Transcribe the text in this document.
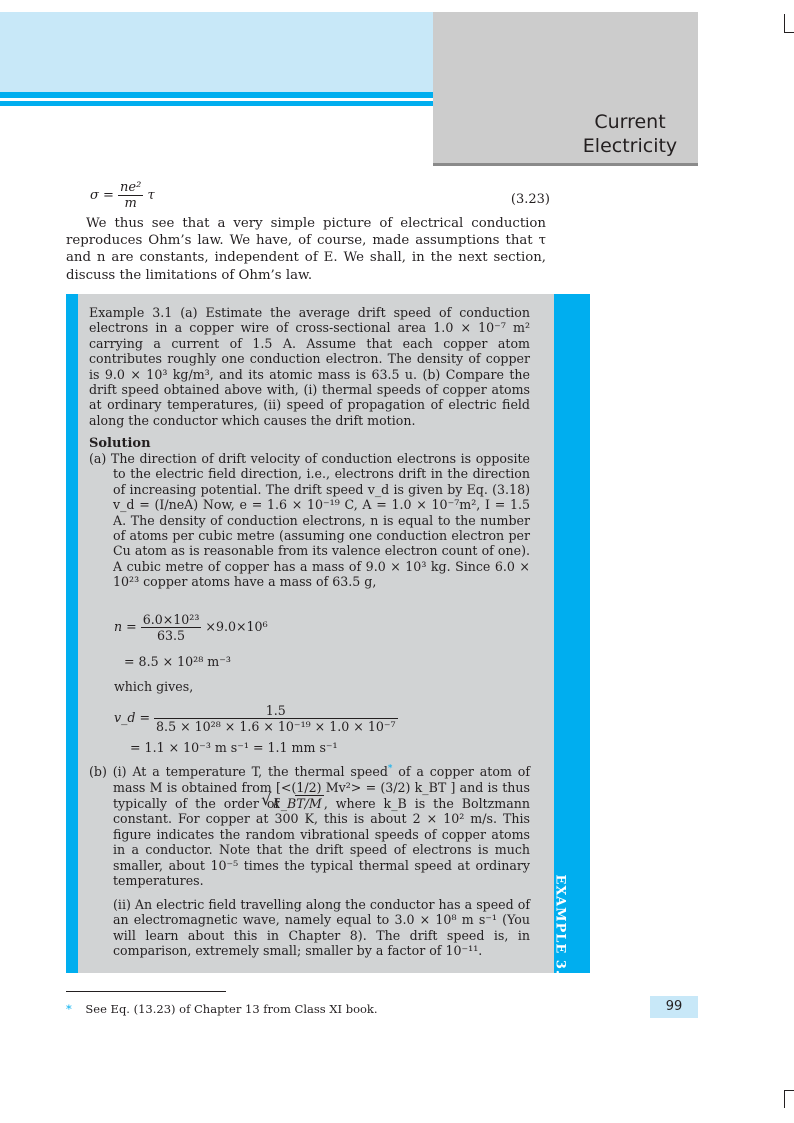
Current
Electricity
$\sigma = \frac{\text{ne²}}{m}$ τ	(3.23)

We thus see that a very simple picture of electrical conduction reproduces Ohm’s law. We have, of course, made assumptions that τ and n are constants, independent of E. We shall, in the next section, discuss the limitations of Ohm’s law.

EXAMPLE 3.1

Example 3.1 (a) Estimate the average drift speed of conduction electrons in a copper wire of cross-sectional area 1.0 × 10⁻⁷ m² carrying a current of 1.5 A. Assume that each copper atom contributes roughly one conduction electron. The density of copper is 9.0 × 10³ kg/m³, and its atomic mass is 63.5 u. (b) Compare the drift speed obtained above with, (i) thermal speeds of copper atoms at ordinary temperatures, (ii) speed of propagation of electric field along the conductor which causes the drift motion.

Solution

(a) The direction of drift velocity of conduction electrons is opposite to the electric field direction, i.e., electrons drift in the direction of increasing potential. The drift speed v_d is given by Eq. (3.18) v_d = (I/neA) Now, e = 1.6 × 10⁻¹⁹ C, A = 1.0 × 10⁻⁷m², I = 1.5 A. The density of conduction electrons, n is equal to the number of atoms per cubic metre (assuming one conduction electron per Cu atom as is reasonable from its valence electron count of one). A cubic metre of copper has a mass of 9.0 × 10³ kg. Since 6.0 × 10²³ copper atoms have a mass of 63.5 g,

$n = \frac{\text{6.0×10²³}}{63.5} \times 9.0\times 10^6$
= 8.5 × 10²⁸ m⁻³
which gives,
v_d = $\frac{1.5}{\text{8.5 × 10²⁸ × 1.6 × 10⁻¹⁹ × 1.0 × 10⁻⁷}}$
= 1.1 × 10⁻³ m s⁻¹ = 1.1 mm s⁻¹

(b) (i) At a temperature T, the thermal speed* of a copper atom of mass M is obtained from [<(1/2) Mv²> = (3/2) k_BT ] and is thus typically of the order of √ k_BT/M , where k_B is the Boltzmann constant. For copper at 300 K, this is about 2 × 10² m/s. This figure indicates the random vibrational speeds of copper atoms in a conductor. Note that the drift speed of electrons is much smaller, about 10⁻⁵ times the typical thermal speed at ordinary temperatures.

(ii) An electric field travelling along the conductor has a speed of an electromagnetic wave, namely equal to 3.0 × 10⁸ m s⁻¹ (You will learn about this in Chapter 8). The drift speed is, in comparison, extremely small; smaller by a factor of 10⁻¹¹.

* See Eq. (13.23) of Chapter 13 from Class XI book.	99
